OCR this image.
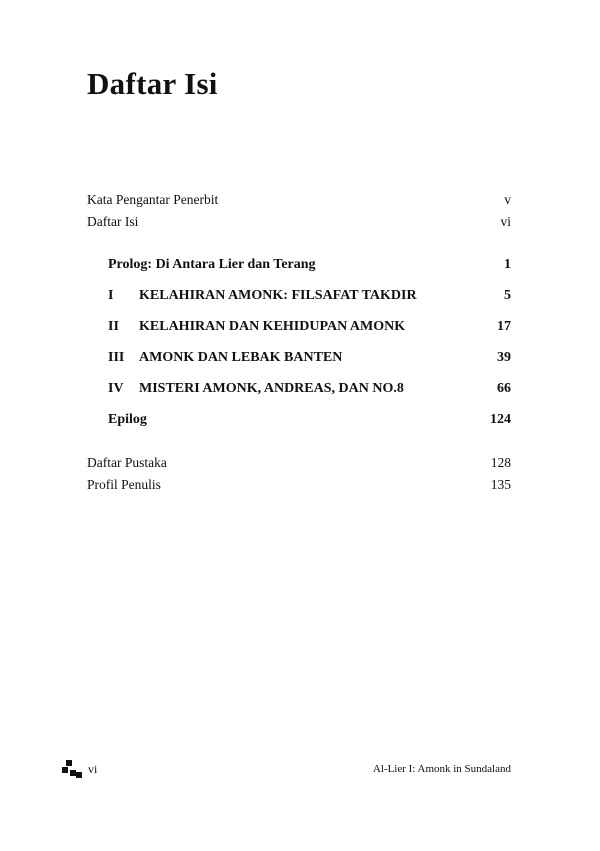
Daftar Isi
Kata Pengantar Penerbit	v
Daftar Isi	vi
Prolog: Di Antara Lier dan Terang	1
I	KELAHIRAN AMONK: FILSAFAT TAKDIR	5
II	KELAHIRAN DAN KEHIDUPAN AMONK	17
III	AMONK DAN LEBAK BANTEN	39
IV	MISTERI AMONK, ANDREAS, DAN NO.8	66
Epilog	124
Daftar Pustaka	128
Profil Penulis	135
vi	Al-Lier I: Amonk in Sundaland
